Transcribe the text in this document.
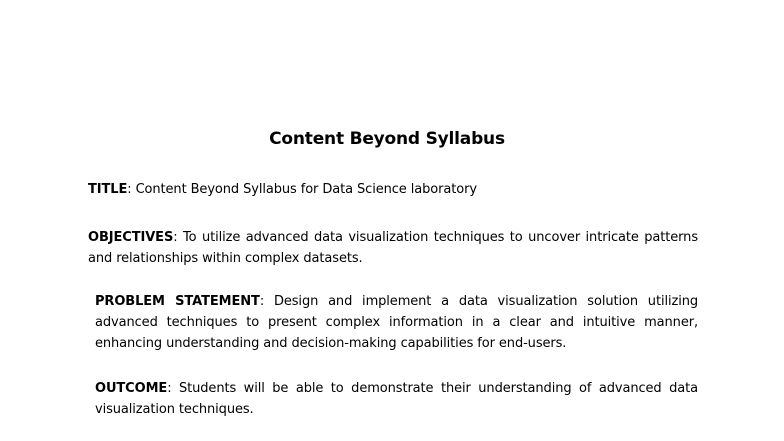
Content Beyond Syllabus
TITLE: Content Beyond Syllabus for Data Science laboratory
OBJECTIVES: To utilize advanced data visualization techniques to uncover intricate patterns and relationships within complex datasets.
PROBLEM STATEMENT: Design and implement a data visualization solution utilizing advanced techniques to present complex information in a clear and intuitive manner, enhancing understanding and decision-making capabilities for end-users.
OUTCOME: Students will be able to demonstrate their understanding of advanced data visualization techniques.
